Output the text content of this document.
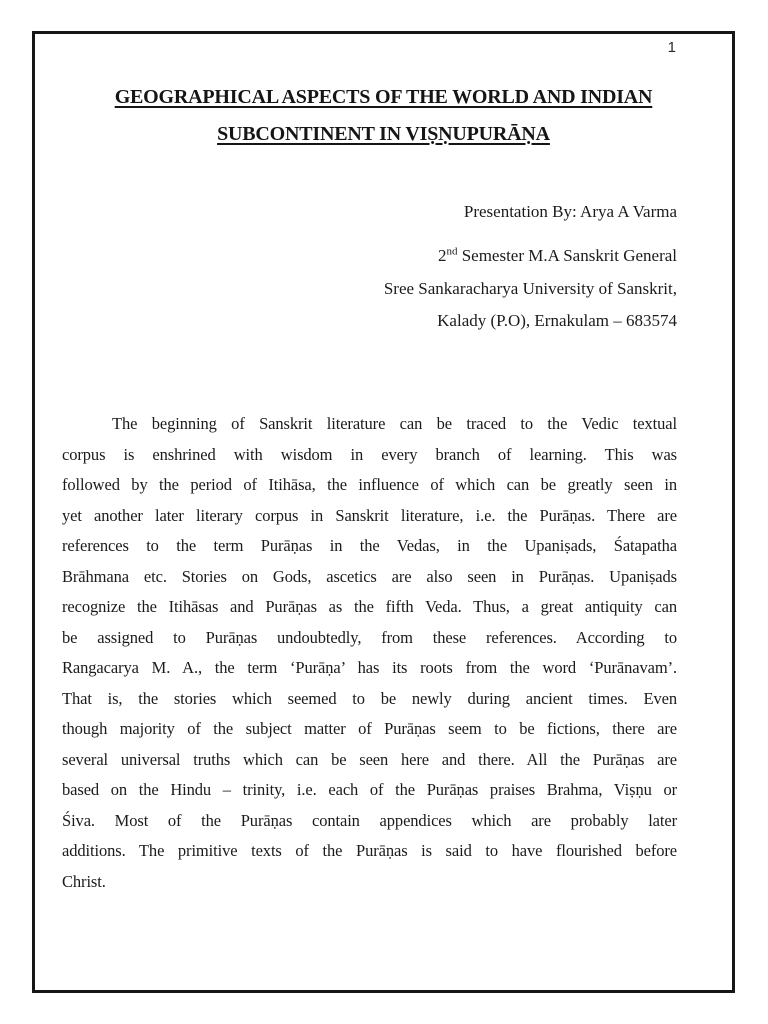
1
GEOGRAPHICAL ASPECTS OF THE WORLD AND INDIAN
SUBCONTINENT IN VIṢṆUPURĀṆA
Presentation By: Arya A Varma
2nd Semester M.A Sanskrit General
Sree Sankaracharya University of Sanskrit,
Kalady (P.O), Ernakulam – 683574
The beginning of Sanskrit literature can be traced to the Vedic textual
corpus is enshrined with wisdom in every branch of learning. This was
followed by the period of Itihāsa, the influence of which can be greatly seen in
yet another later literary corpus in Sanskrit literature, i.e. the Purāṇas. There are
references to the term Purāṇas in the Vedas, in the Upaniṣads, Śatapatha
Brāhmana etc. Stories on Gods, ascetics are also seen in Purāṇas. Upaniṣads
recognize the Itihāsas and Purāṇas as the fifth Veda. Thus, a great antiquity can
be assigned to Purāṇas undoubtedly, from these references. According to
Rangacarya M. A., the term ‘Purāṇa’ has its roots from the word ‘Purānavam’.
That is, the stories which seemed to be newly during ancient times. Even
though majority of the subject matter of Purāṇas seem to be fictions, there are
several universal truths which can be seen here and there. All the Purāṇas are
based on the Hindu – trinity, i.e. each of the Purāṇas praises Brahma, Viṣṇu or
Śiva. Most of the Purāṇas contain appendices which are probably later
additions. The primitive texts of the Purāṇas is said to have flourished before
Christ.
